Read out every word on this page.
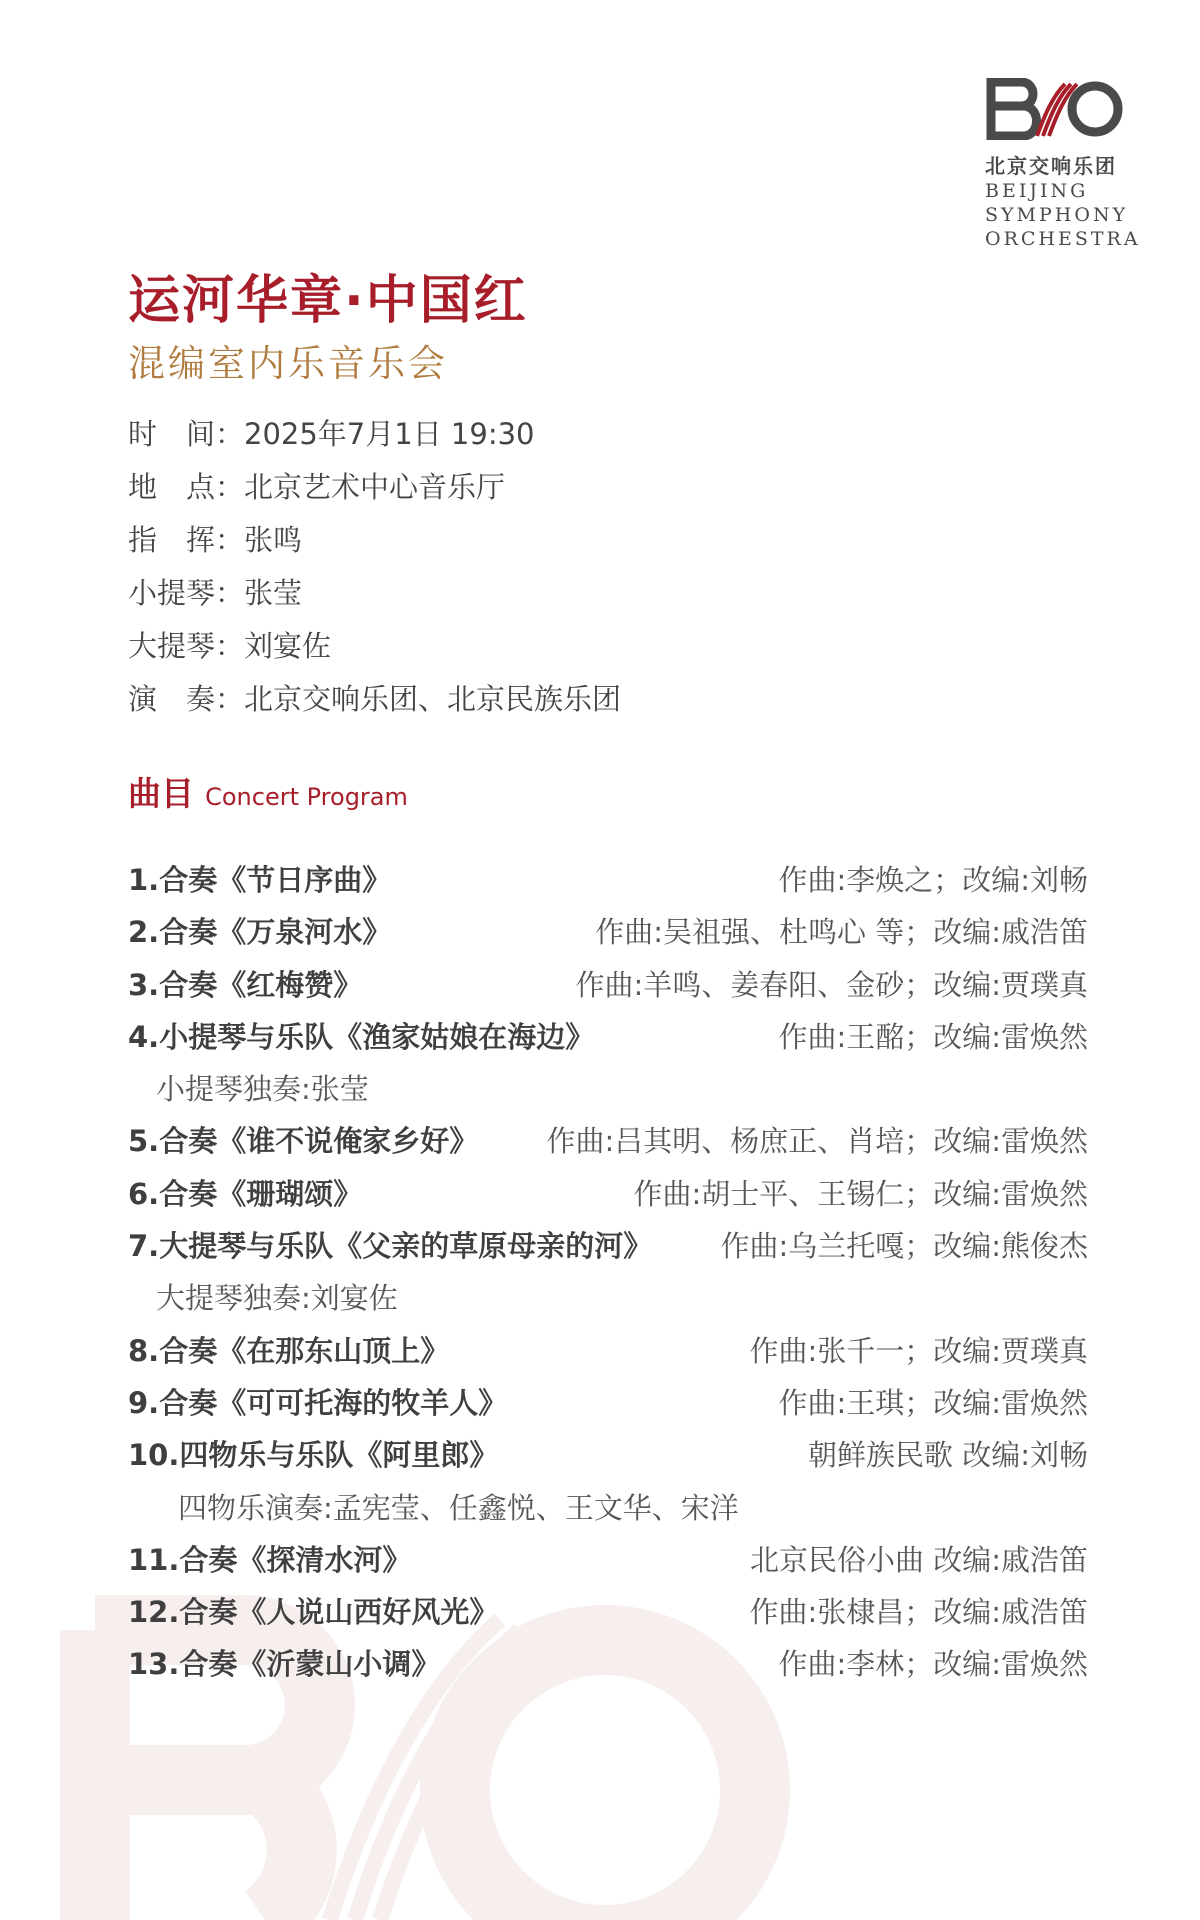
北京交响乐团
BEIJING
SYMPHONY
ORCHESTRA
运河华章·中国红
混编室内乐音乐会
时　间：2025年7月1日 19:30
地　点：北京艺术中心音乐厅
指　挥：张鸣
小提琴：张莹
大提琴：刘宴佐
演　奏：北京交响乐团、北京民族乐团
曲目 Concert Program
1.合奏《节日序曲》	作曲:李焕之；改编:刘畅
2.合奏《万泉河水》	作曲:吴祖强、杜鸣心 等；改编:戚浩笛
3.合奏《红梅赞》	作曲:羊鸣、姜春阳、金砂；改编:贾璞真
4.小提琴与乐队《渔家姑娘在海边》	作曲:王酩；改编:雷焕然
小提琴独奏:张莹
5.合奏《谁不说俺家乡好》 作曲:吕其明、杨庶正、肖培；改编:雷焕然
6.合奏《珊瑚颂》	作曲:胡士平、王锡仁；改编:雷焕然
7.大提琴与乐队《父亲的草原母亲的河》 作曲:乌兰托嘎；改编:熊俊杰
大提琴独奏:刘宴佐
8.合奏《在那东山顶上》	作曲:张千一；改编:贾璞真
9.合奏《可可托海的牧羊人》	作曲:王琪；改编:雷焕然
10.四物乐与乐队《阿里郎》	朝鲜族民歌 改编:刘畅
四物乐演奏:孟宪莹、任鑫悦、王文华、宋洋
11.合奏《探清水河》	北京民俗小曲 改编:戚浩笛
12.合奏《人说山西好风光》	作曲:张棣昌；改编:戚浩笛
13.合奏《沂蒙山小调》	作曲:李林；改编:雷焕然
